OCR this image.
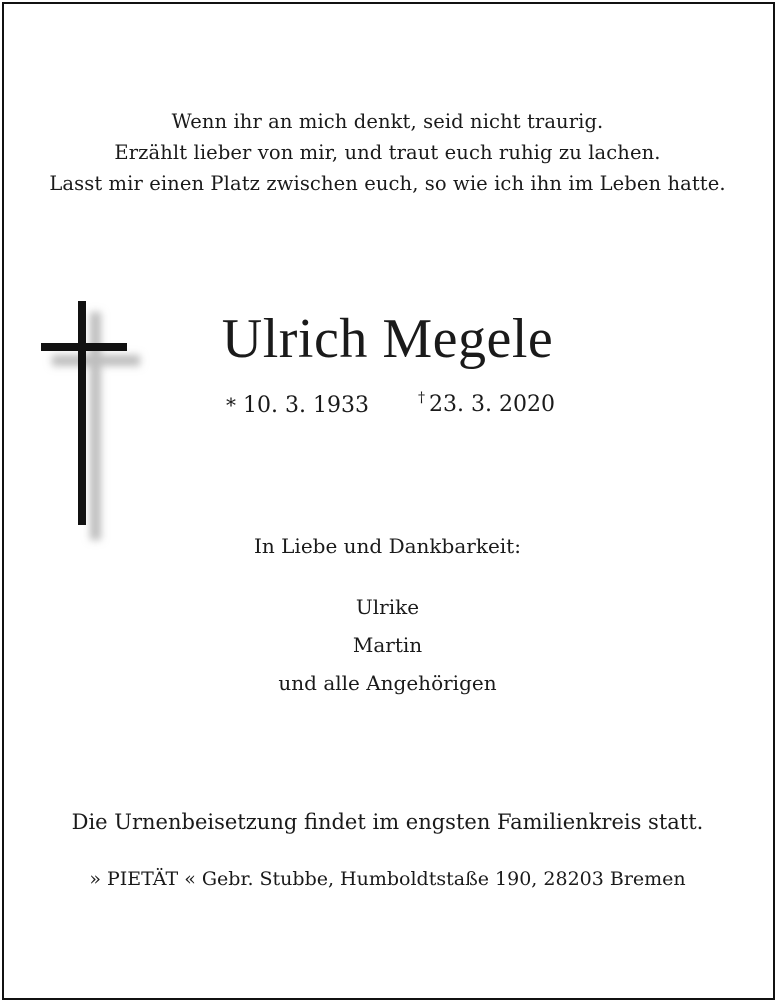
Wenn ihr an mich denkt, seid nicht traurig.
Erzählt lieber von mir, und traut euch ruhig zu lachen.
Lasst mir einen Platz zwischen euch, so wie ich ihn im Leben hatte.
Ulrich Megele
* 10. 3. 1933	† 23. 3. 2020
In Liebe und Dankbarkeit:
Ulrike
Martin
und alle Angehörigen
Die Urnenbeisetzung findet im engsten Familienkreis statt.
» PIETÄT « Gebr. Stubbe, Humboldtstaße 190, 28203 Bremen
